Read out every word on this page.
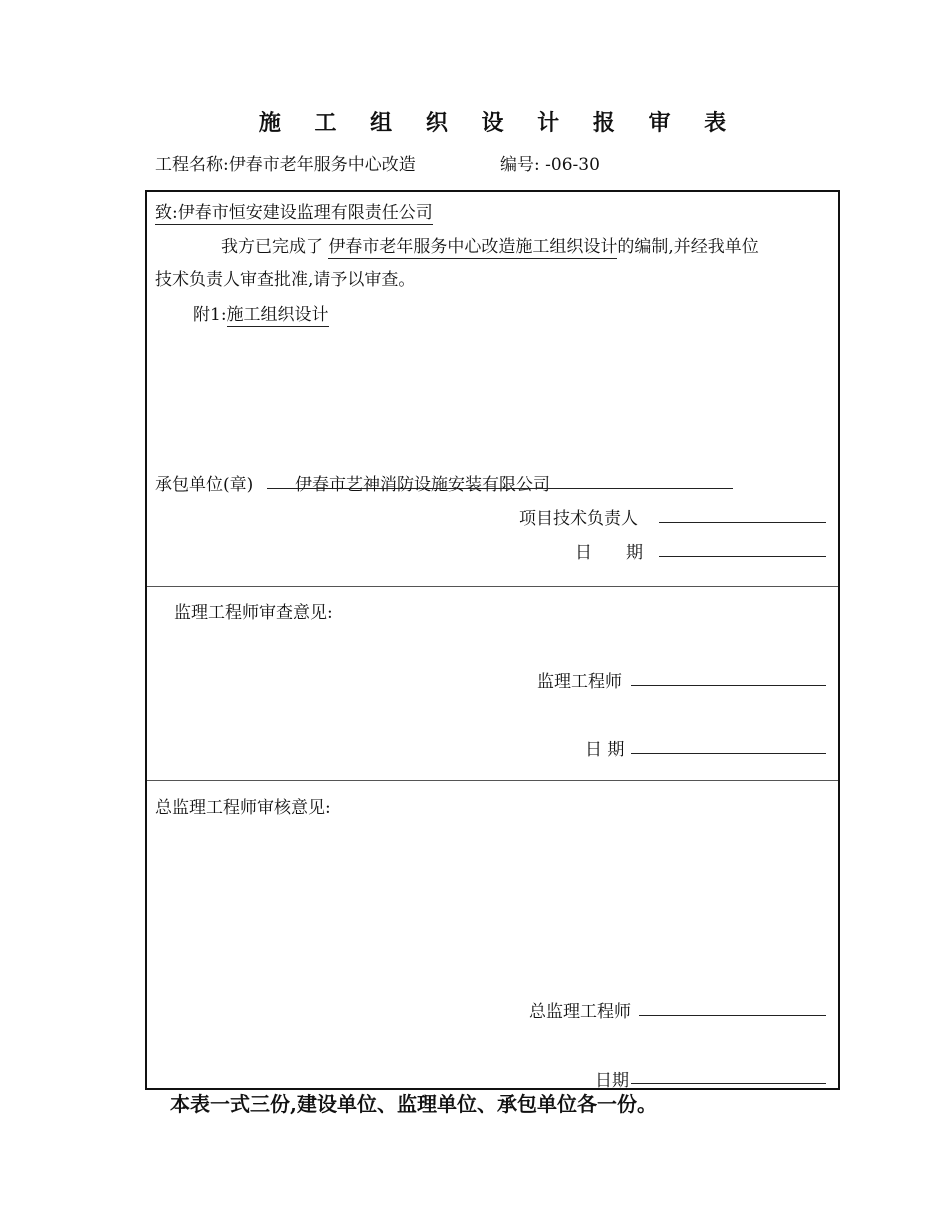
施 工 组 织 设 计 报 审 表
工程名称:伊春市老年服务中心改造	编号: -06-30
致:伊春市恒安建设监理有限责任公司
我方已完成了 伊春市老年服务中心改造施工组织设计的编制,并经我单位
技术负责人审查批准,请予以审查。
附1:施工组织设计
承包单位(章) 伊春市艺神消防设施安装有限公司
项目技术负责人
日　　期
监理工程师审查意见:
监理工程师
日 期
总监理工程师审核意见:
总监理工程师
日期
本表一式三份,建设单位、监理单位、承包单位各一份。
